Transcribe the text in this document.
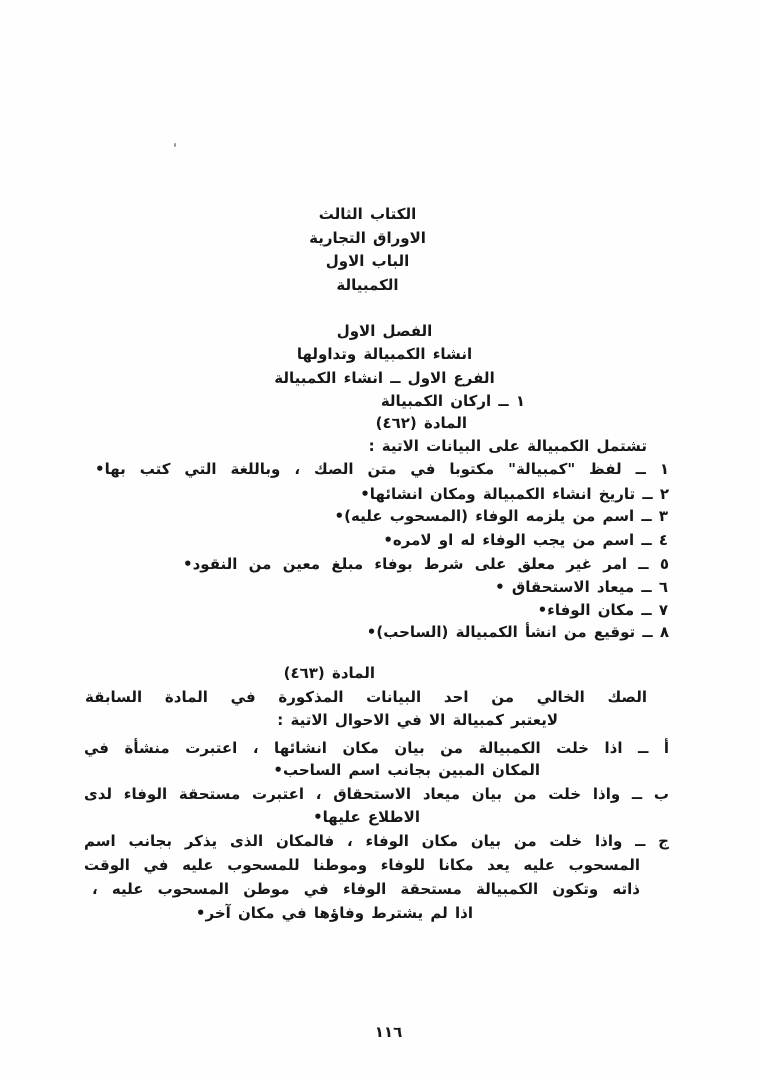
الكتاب الثالث
الاوراق التجارية
الباب الاول
الكمبيالة
الفصل الاول
انشاء الكمبيالة وتداولها
الفرع الاول ــ انشاء الكمبيالة
١ ــ اركان الكمبيالة
المادة (٤٦٢)
تشتمل الكمبيالة على البيانات الاتية :
١ ــ لفظ "كمبيالة" مكتوبا في متن الصك ، وباللغة التي كتب بها•
٢ ــ تاريخ انشاء الكمبيالة ومكان انشائها•
٣ ــ اسم من يلزمه الوفاء (المسحوب عليه)•
٤ ــ اسم من يجب الوفاء له او لامره•
٥ ــ امر غير معلق على شرط بوفاء مبلغ معين من النقود•
٦ ــ ميعاد الاستحقاق •
٧ ــ مكان الوفاء•
٨ ــ توقيع من انشأ الكمبيالة (الساحب)•
المادة (٤٦٣)
الصك الخالي من احد البيانات المذكورة في المادة السابقة
لايعتبر كمبيالة الا في الاحوال الاتية :
أ ــ اذا خلت الكمبيالة من بيان مكان انشائها ، اعتبرت منشأة في
المكان المبين بجانب اسم الساحب•
ب ــ واذا خلت من بيان ميعاد الاستحقاق ، اعتبرت مستحقة الوفاء لدى
الاطلاع عليها•
ج ــ واذا خلت من بيان مكان الوفاء ، فالمكان الذى يذكر بجانب اسم
المسحوب عليه يعد مكانا للوفاء وموطنا للمسحوب عليه في الوقت
ذاته وتكون الكمبيالة مستحقة الوفاء في موطن المسحوب عليه ،
اذا لم يشترط وفاؤها في مكان آخر•
١١٦
